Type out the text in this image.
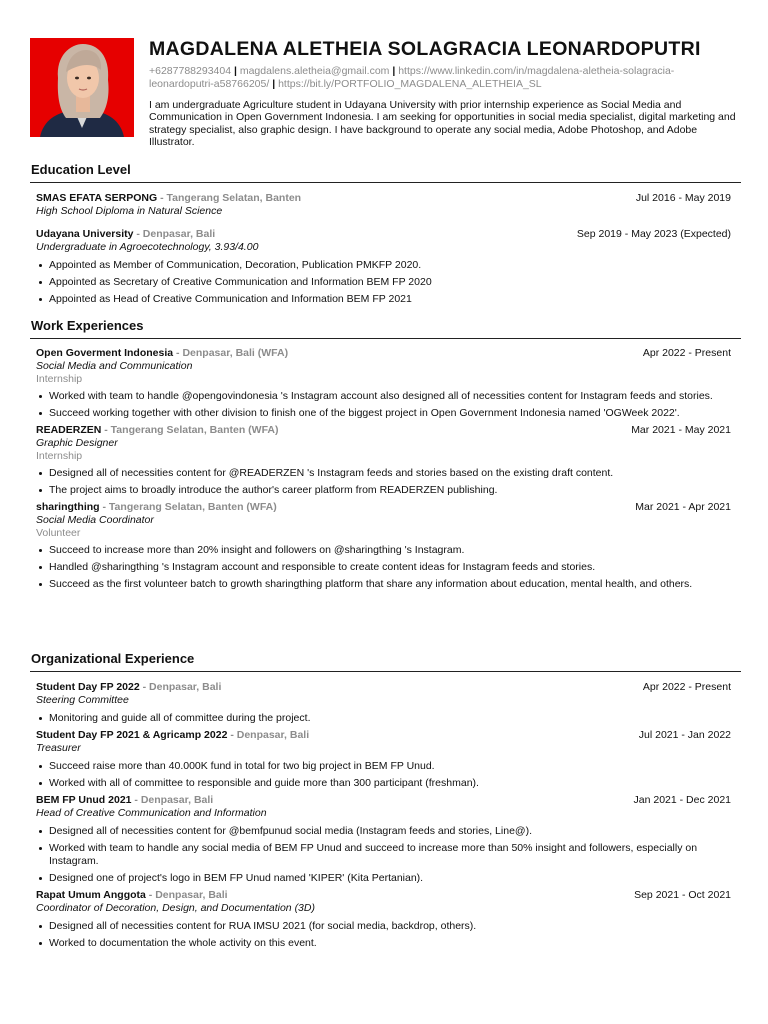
MAGDALENA ALETHEIA SOLAGRACIA LEONARDOPUTRI
+6287788293404 | magdalens.aletheia@gmail.com | https://www.linkedin.com/in/magdalena-aletheia-solagracia-leonardoputri-a58766205/ | https://bit.ly/PORTFOLIO_MAGDALENA_ALETHEIA_SL
I am undergraduate Agriculture student in Udayana University with prior internship experience as Social Media and Communication in Open Government Indonesia. I am seeking for opportunities in social media specialist, digital marketing and strategy specialist, also graphic design. I have background to operate any social media, Adobe Photoshop, and Adobe Illustrator.
Education Level
SMAS EFATA SERPONG - Tangerang Selatan, Banten	Jul 2016 - May 2019
High School Diploma in Natural Science
Udayana University - Denpasar, Bali	Sep 2019 - May 2023 (Expected)
Undergraduate in Agroecotechnology, 3.93/4.00
Appointed as Member of Communication, Decoration, Publication PMKFP 2020.
Appointed as Secretary of Creative Communication and Information BEM FP 2020
Appointed as Head of Creative Communication and Information BEM FP 2021
Work Experiences
Open Goverment Indonesia - Denpasar, Bali (WFA)	Apr 2022 - Present
Social Media and Communication
Internship
Worked with team to handle @opengovindonesia 's Instagram account also designed all of necessities content for Instagram feeds and stories.
Succeed working together with other division to finish one of the biggest project in Open Government Indonesia named 'OGWeek 2022'.
READERZEN - Tangerang Selatan, Banten (WFA)	Mar 2021 - May 2021
Graphic Designer
Internship
Designed all of necessities content for @READERZEN 's Instagram feeds and stories based on the existing draft content.
The project aims to broadly introduce the author's career platform from READERZEN publishing.
sharingthing - Tangerang Selatan, Banten (WFA)	Mar 2021 - Apr 2021
Social Media Coordinator
Volunteer
Succeed to increase more than 20% insight and followers on @sharingthing 's Instagram.
Handled @sharingthing 's Instagram account and responsible to create content ideas for Instagram feeds and stories.
Succeed as the first volunteer batch to growth sharingthing platform that share any information about education, mental health, and others.
Organizational Experience
Student Day FP 2022 - Denpasar, Bali	Apr 2022 - Present
Steering Committee
Monitoring and guide all of committee during the project.
Student Day FP 2021 & Agricamp 2022 - Denpasar, Bali	Jul 2021 - Jan 2022
Treasurer
Succeed raise more than 40.000K fund in total for two big project in BEM FP Unud.
Worked with all of committee to responsible and guide more than 300 participant (freshman).
BEM FP Unud 2021 - Denpasar, Bali	Jan 2021 - Dec 2021
Head of Creative Communication and Information
Designed all of necessities content for @bemfpunud social media (Instagram feeds and stories, Line@).
Worked with team to handle any social media of BEM FP Unud and succeed to increase more than 50% insight and followers, especially on Instagram.
Designed one of project's logo in BEM FP Unud named 'KIPER' (Kita Pertanian).
Rapat Umum Anggota - Denpasar, Bali	Sep 2021 - Oct 2021
Coordinator of Decoration, Design, and Documentation (3D)
Designed all of necessities content for RUA IMSU 2021 (for social media, backdrop, others).
Worked to documentation the whole activity on this event.
